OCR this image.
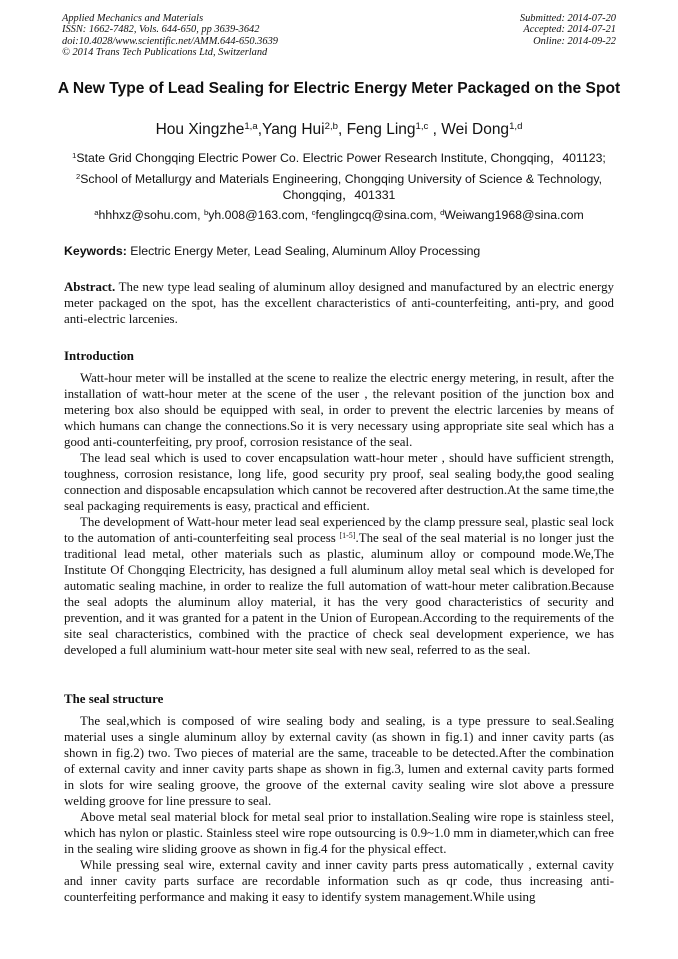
Applied Mechanics and Materials
ISSN: 1662-7482, Vols. 644-650, pp 3639-3642
doi:10.4028/www.scientific.net/AMM.644-650.3639
© 2014 Trans Tech Publications Ltd, Switzerland
Submitted: 2014-07-20
Accepted: 2014-07-21
Online: 2014-09-22
A New Type of Lead Sealing for Electric Energy Meter Packaged on the Spot
Hou Xingzhe$^{1,a}$,Yang Hui$^{2,b}$, Feng Ling$^{1,c}$ , Wei Dong$^{1,d}$
$^1$State Grid Chongqing Electric Power Co. Electric Power Research Institute, Chongqing，401123;
$^2$School of Metallurgy and Materials Engineering, Chongqing University of Science & Technology, Chongqing，401331
$^a$hhhxz@sohu.com, $^b$yh.008@163.com, $^c$fenglingcq@sina.com, $^d$Weiwang1968@sina.com
Keywords: Electric Energy Meter, Lead Sealing, Aluminum Alloy Processing
Abstract. The new type lead sealing of aluminum alloy designed and manufactured by an electric energy meter packaged on the spot, has the excellent characteristics of anti-counterfeiting, anti-pry, and good anti-electric larcenies.
Introduction

Watt-hour meter will be installed at the scene to realize the electric energy metering, in result, after the installation of watt-hour meter at the scene of the user , the relevant position of the junction box and metering box also should be equipped with seal, in order to prevent the electric larcenies by means of which humans can change the connections.So it is very necessary using appropriate site seal which has a good anti-counterfeiting, pry proof, corrosion resistance of the seal.

The lead seal which is used to cover encapsulation watt-hour meter , should have sufficient strength, toughness, corrosion resistance, long life, good security pry proof, seal sealing body,the good sealing connection and disposable encapsulation which cannot be recovered after destruction.At the same time,the seal packaging requirements is easy, practical and efficient.

The development of Watt-hour meter lead seal experienced by the clamp pressure seal, plastic seal lock to the automation of anti-counterfeiting seal process [1-5].The seal of the seal material is no longer just the traditional lead metal, other materials such as plastic, aluminum alloy or compound mode.We,The Institute Of Chongqing Electricity, has designed a full aluminum alloy metal seal which is developed for automatic sealing machine, in order to realize the full automation of watt-hour meter calibration.Because the seal adopts the aluminum alloy material, it has the very good characteristics of security and prevention, and it was granted for a patent in the Union of European.According to the requirements of the site seal characteristics, combined with the practice of check seal development experience, we has developed a full aluminium watt-hour meter site seal with new seal, referred to as the seal.

The seal structure

The seal,which is composed of wire sealing body and sealing, is a type pressure to seal.Sealing material uses a single aluminum alloy by external cavity (as shown in fig.1) and inner cavity parts (as shown in fig.2) two. Two pieces of material are the same, traceable to be detected.After the combination of external cavity and inner cavity parts shape as shown in fig.3, lumen and external cavity parts formed in slots for wire sealing groove, the groove of the external cavity sealing wire slot above a pressure welding groove for line pressure to seal.

Above metal seal material block for metal seal prior to installation.Sealing wire rope is stainless steel, which has nylon or plastic. Stainless steel wire rope outsourcing is 0.9~1.0 mm in diameter,which can free in the sealing wire sliding groove as shown in fig.4 for the physical effect.

While pressing seal wire, external cavity and inner cavity parts press automatically , external cavity and inner cavity parts surface are recordable information such as qr code, thus increasing anti-counterfeiting performance and making it easy to identify system management.While using
